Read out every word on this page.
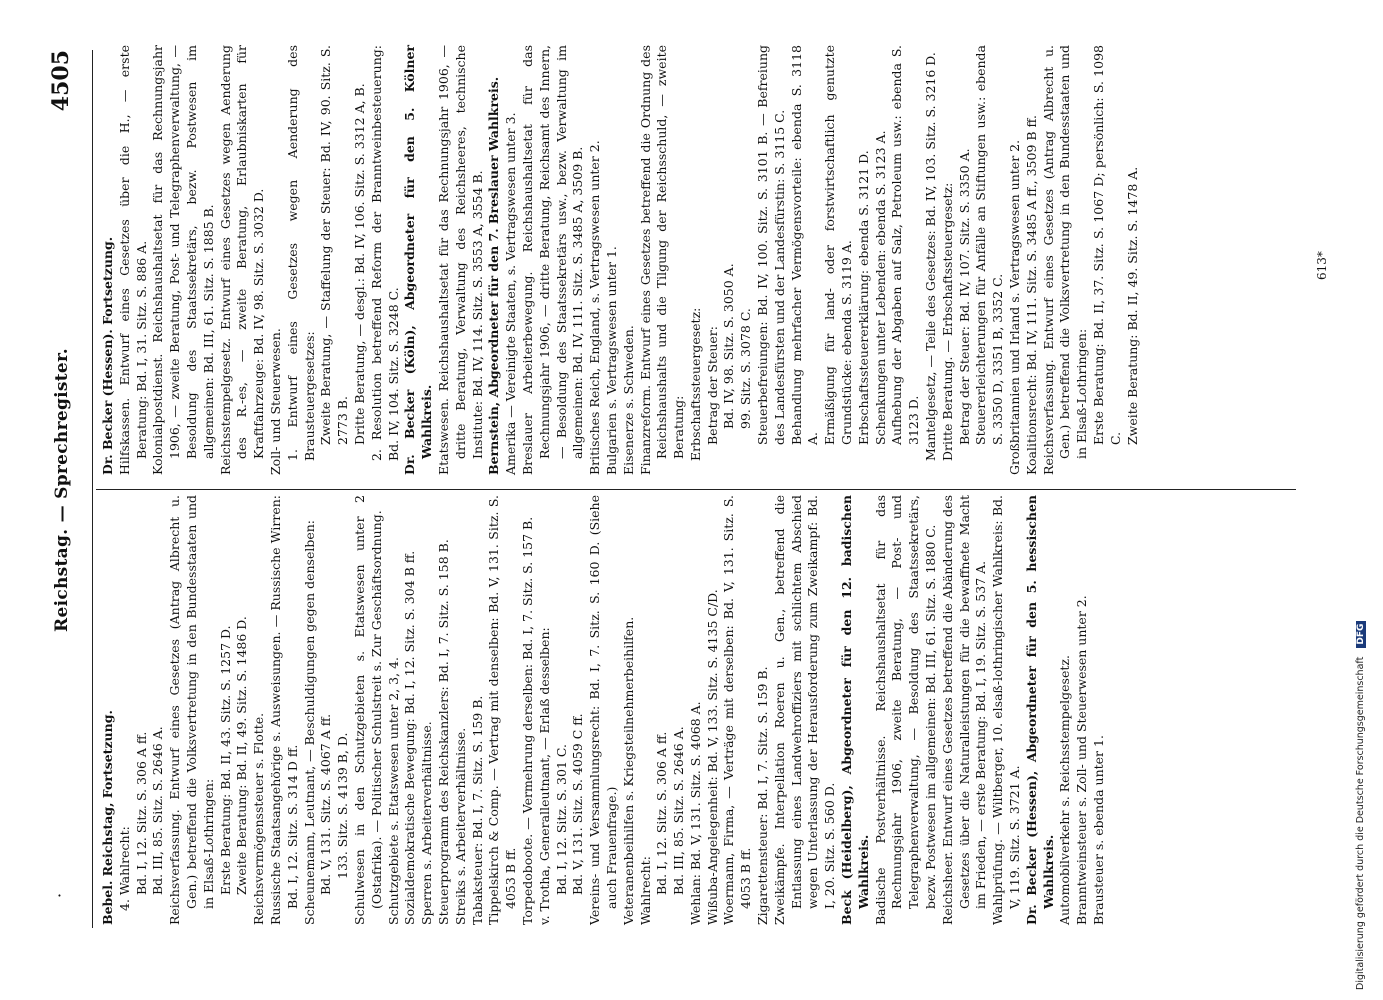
·
Reichstag. — Sprechregister.
4505

Bebel. Reichstag, Fortsetzung. 4. Wahlrecht: Bd. I, 12. Sitz. S. 306 A ff. Bd. III, 85. Sitz. S. 2646 A. Reichsverfassung. Entwurf eines Gesetzes (Antrag Albrecht u. Gen.) betreffend die Volksvertretung in den Bundesstaaten und in Elsaß-Lothringen: Erste Beratung: Bd. II, 43. Sitz. S. 1257 D. Zweite Beratung: Bd. II, 49. Sitz. S. 1486 D. Reichsvermögenssteuer s. Flotte. Russische Staatsangehörige s. Ausweisungen. — Russische Wirren: Bd. I, 12. Sitz. S. 314 D ff. Scheunemann, Leutnant, — Beschuldigungen gegen denselben: Bd. V, 131. Sitz. S. 4067 A ff. 133. Sitz. S. 4139 B, D. Schulwesen in den Schutzgebieten s. Etatswesen unter 2 (Ostafrika). — Politischer Schulstreit s. Zur Geschäftsordnung. Schutzgebiete s. Etatswesen unter 2, 3, 4. Sozialdemokratische Bewegung: Bd. I, 12. Sitz. S. 304 B ff. Sperren s. Arbeiterverhältnisse. Steuerprogramm des Reichskanzlers: Bd. I, 7. Sitz. S. 158 B. Streiks s. Arbeiterverhältnisse. Tabaksteuer: Bd. I, 7. Sitz. S. 159 B. Tippelskirch & Comp. — Vertrag mit denselben: Bd. V, 131. Sitz. S. 4053 B ff. Torpedoboote. — Vermehrung derselben: Bd. I, 7. Sitz. S. 157 B. v. Trotha, Generalleutnant, — Erlaß desselben: Bd. I, 12. Sitz. S. 301 C. Bd. V, 131. Sitz. S. 4059 C ff. Vereins- und Versammlungsrecht: Bd. I, 7. Sitz. S. 160 D. (Siehe auch Frauenfrage.) Veteranenbeihilfen s. Kriegsteilnehmerbeihilfen. Wahlrecht: Bd. I, 12. Sitz. S. 306 A ff. Bd. III, 85. Sitz. S. 2646 A. Wehlan: Bd. V, 131. Sitz. S. 4068 A. Wißuba-Angelegenheit: Bd. V, 133. Sitz. S. 4135 C/D. Woermann, Firma, — Verträge mit derselben: Bd. V, 131. Sitz. S. 4053 B ff. Zigarettensteuer: Bd. I, 7. Sitz. S. 159 B. Zweikämpfe. Interpellation Roeren u. Gen., betreffend die Entlassung eines Landwehroffiziers mit schlichtem Abschied wegen Unterlassung der Herausforderung zum Zweikampf: Bd. I, 20. Sitz. S. 560 D. Beck (Heidelberg), Abgeordneter für den 12. badischen Wahlkreis. Badische Postverhältnisse. Reichshaushaltsetat für das Rechnungsjahr 1906, zweite Beratung, — Post- und Telegraphenverwaltung, — Besoldung des Staatssekretärs, bezw. Postwesen im allgemeinen: Bd. III, 61. Sitz. S. 1880 C. Reichsheer. Entwurf eines Gesetzes betreffend die Abänderung des Gesetzes über die Naturalleistungen für die bewaffnete Macht im Frieden, — erste Beratung: Bd. I, 19. Sitz. S. 537 A. Wahlprüfung. — Wiltberger, 10. elsaß-lothringischer Wahlkreis: Bd. V, 119. Sitz. S. 3721 A. Dr. Becker (Hessen), Abgeordneter für den 5. hessischen Wahlkreis. Automobilverkehr s. Reichsstempelgesetz. Branntweinsteuer s. Zoll- und Steuerwesen unter 2. Brausteuer s. ebenda unter 1.

Dr. Becker (Hessen). Fortsetzung. Hilfskassen. Entwurf eines Gesetzes über die H., — erste Beratung: Bd. I, 31. Sitz. S. 886 A. Kolonialpostdienst. Reichshaushaltsetat für das Rechnungsjahr 1906, — zweite Beratung, Post- und Telegraphenverwaltung, — Besoldung des Staatssekretärs, bezw. Postwesen im allgemeinen: Bd. III, 61. Sitz. S. 1885 B. Reichsstempelgesetz. Entwurf eines Gesetzes wegen Aenderung des R.-es, — zweite Beratung, Erlaubniskarten für Kraftfahrzeuge: Bd. IV, 98. Sitz. S. 3032 D. Zoll- und Steuerwesen. 1. Entwurf eines Gesetzes wegen Aenderung des Brausteuergesetzes: Zweite Beratung, — Staffelung der Steuer: Bd. IV, 90. Sitz. S. 2773 B. Dritte Beratung, — desgl.: Bd. IV, 106. Sitz. S. 3312 A, B. 2. Resolution betreffend Reform der Branntweinbesteuerung: Bd. IV, 104. Sitz. S. 3248 C. Dr. Becker (Köln), Abgeordneter für den 5. Kölner Wahlkreis. Etatswesen. Reichshaushaltsetat für das Rechnungsjahr 1906, — dritte Beratung, Verwaltung des Reichsheeres, technische Institute: Bd. IV, 114. Sitz. S. 3553 A, 3554 B. Bernstein, Abgeordneter für den 7. Breslauer Wahlkreis. Amerika — Vereinigte Staaten, s. Vertragswesen unter 3. Breslauer Arbeiterbewegung. Reichshaushaltsetat für das Rechnungsjahr 1906, — dritte Beratung, Reichsamt des Innern, — Besoldung des Staatssekretärs usw., bezw. Verwaltung im allgemeinen: Bd. IV, 111. Sitz. S. 3485 A, 3509 B. Britisches Reich, England, s. Vertragswesen unter 2. Bulgarien s. Vertragswesen unter 1. Eisenerze s. Schweden. Finanzreform. Entwurf eines Gesetzes betreffend die Ordnung des Reichshaushalts und die Tilgung der Reichsschuld, — zweite Beratung: Erbschaftssteuergesetz: Betrag der Steuer: Bd. IV, 98. Sitz. S. 3050 A. 99. Sitz. S. 3078 C. Steuerbefreiungen: Bd. IV, 100. Sitz. S. 3101 B. — Befreiung des Landesfürsten und der Landesfürstin: S. 3115 C. Behandlung mehrfacher Vermögensvorteile: ebenda S. 3118 A. Ermäßigung für land- oder forstwirtschaftlich genutzte Grundstücke: ebenda S. 3119 A. Erbschaftssteuererklärung: ebenda S. 3121 D. Schenkungen unter Lebenden: ebenda S. 3123 A. Aufhebung der Abgaben auf Salz, Petroleum usw.: ebenda S. 3123 D. Mantelgesetz, — Teile des Gesetzes: Bd. IV, 103. Sitz. S. 3216 D. Dritte Beratung. — Erbschaftssteuergesetz: Betrag der Steuer: Bd. IV, 107. Sitz. S. 3350 A. Steuererleichterungen für Anfälle an Stiftungen usw.: ebenda S. 3350 D, 3351 B, 3352 C. Großbritannien und Irland s. Vertragswesen unter 2. Koalitionsrecht: Bd. IV, 111. Sitz. S. 3485 A ff., 3509 B ff. Reichsverfassung. Entwurf eines Gesetzes (Antrag Albrecht u. Gen.) betreffend die Volksvertretung in den Bundesstaaten und in Elsaß-Lothringen: Erste Beratung: Bd. II, 37. Sitz. S. 1067 D; persönlich: S. 1098 C. Zweite Beratung: Bd. II, 49. Sitz. S. 1478 A.	613*
Digitalisierung gefördert durch die Deutsche Forschungsgemeinschaft DFG
